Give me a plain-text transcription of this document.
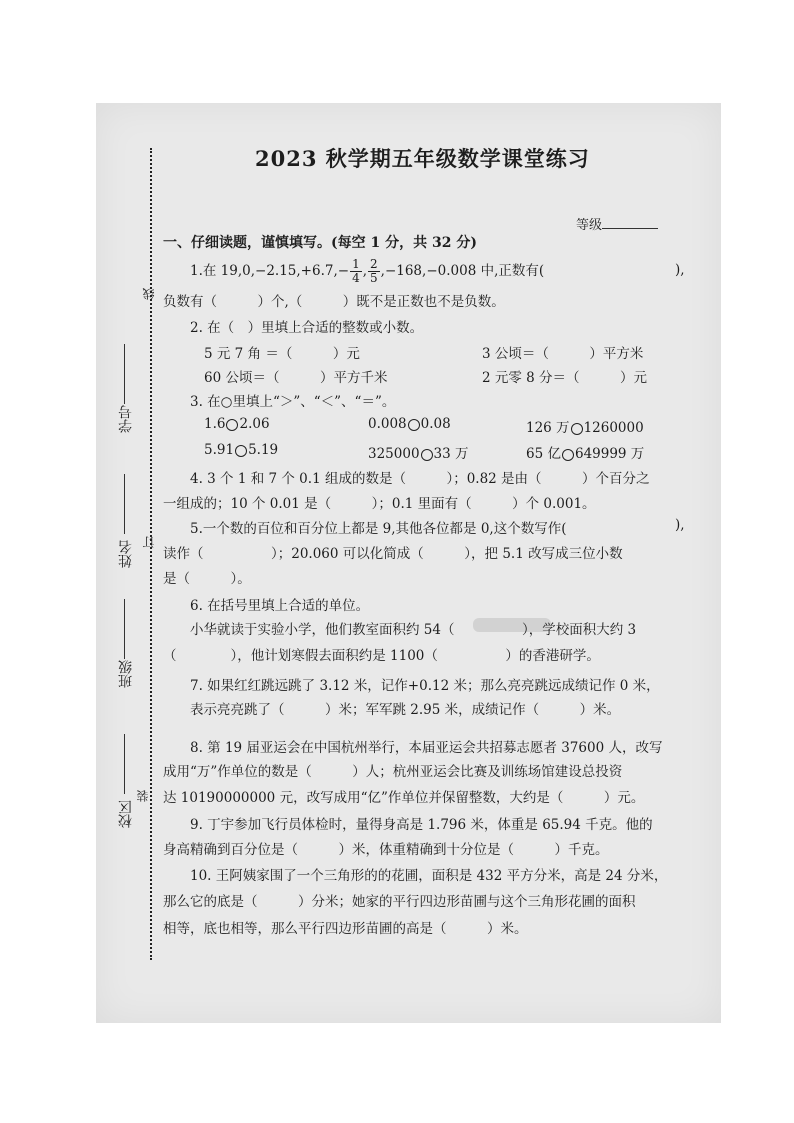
线
订
装
学号
姓名
班级
校区
2023 秋学期五年级数学课堂练习
等级
一、仔细读题，谨慎填写。(每空 1 分，共 32 分)
1.在 $19,0,-2.15,+6.7,- \frac{1}{4}$ , $\frac{2}{5} ,-168,-0.008$ 中,正数有(	),
负数有（　　　）个,（　　　）既不是正数也不是负数。
2. 在（　）里填上合适的整数或小数。
5 元 7 角 ＝（　　　）元	3 公顷＝（　　　）平方米
60 公顷＝（　　　）平方千米	2 元零 8 分＝（　　　）元
3. 在○里填上“＞”、“＜”、“＝”。
1.6 2.06	0.008 0.08	126 万 1260000
5.91 5.19	325000 33 万	65 亿 649999 万
4. 3 个 1 和 7 个 0.1 组成的数是（　　　）；0.82 是由（　　　）个百分之
一组成的；10 个 0.01 是（　　　）；0.1 里面有（　　　）个 0.001。
5.一个数的百位和百分位上都是 9,其他各位都是 0,这个数写作(	),
读作（　　　　　）；20.060 可以化简成（　　　），把 5.1 改写成三位小数
是（　　　）。
6. 在括号里填上合适的单位。
小华就读于实验小学，他们教室面积约 54（　　　　　），学校面积大约 3
（　　　　），他计划寒假去面积约是 1100（　　　　　）的香港研学。
7. 如果红红跳远跳了 3.12 米，记作+0.12 米；那么亮亮跳远成绩记作 0 米，
表示亮亮跳了（　　　）米；军军跳 2.95 米，成绩记作（　　　）米。
8. 第 19 届亚运会在中国杭州举行，本届亚运会共招募志愿者 37600 人，改写
成用“万”作单位的数是（　　　）人；杭州亚运会比赛及训练场馆建设总投资
达 10190000000 元，改写成用“亿”作单位并保留整数，大约是（　　　）元。
9. 丁宇参加飞行员体检时，量得身高是 1.796 米，体重是 65.94 千克。他的
身高精确到百分位是（　　　）米，体重精确到十分位是（　　　）千克。
10. 王阿姨家围了一个三角形的的花圃，面积是 432 平方分米，高是 24 分米，
那么它的底是（　　　）分米；她家的平行四边形苗圃与这个三角形花圃的面积
相等，底也相等，那么平行四边形苗圃的高是（　　　）米。
